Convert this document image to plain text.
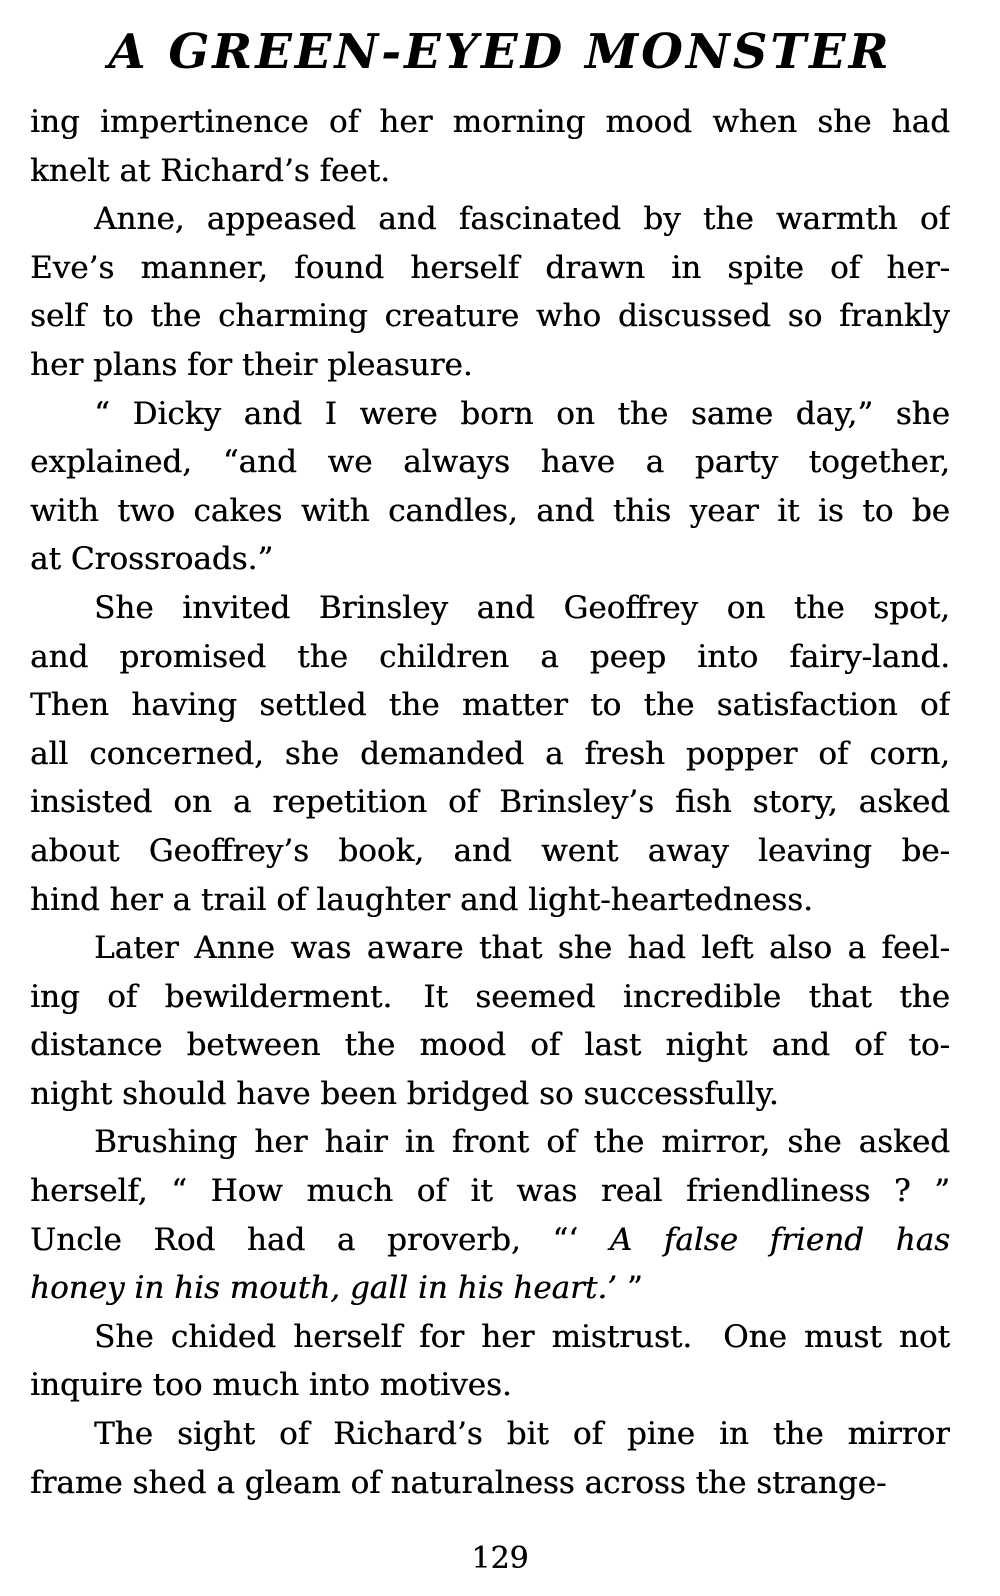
A GREEN-EYED MONSTER
ing impertinence of her morning mood when she had
knelt at Richard’s feet.
Anne, appeased and fascinated by the warmth of
Eve’s manner, found herself drawn in spite of her-
self to the charming creature who discussed so frankly
her plans for their pleasure.
“ Dicky and I were born on the same day,” she
explained, “and we always have a party together,
with two cakes with candles, and this year it is to be
at Crossroads.”
She invited Brinsley and Geoffrey on the spot,
and promised the children a peep into fairy-land.
Then having settled the matter to the satisfaction of
all concerned, she demanded a fresh popper of corn,
insisted on a repetition of Brinsley’s fish story, asked
about Geoffrey’s book, and went away leaving be-
hind her a trail of laughter and light-heartedness.
Later Anne was aware that she had left also a feel-
ing of bewilderment. It seemed incredible that the
distance between the mood of last night and of to-
night should have been bridged so successfully.
Brushing her hair in front of the mirror, she asked
herself, “ How much of it was real friendliness ? ”
Uncle Rod had a proverb, “‘ A false friend has
honey in his mouth, gall in his heart.’ ”
She chided herself for her mistrust. One must not
inquire too much into motives.
The sight of Richard’s bit of pine in the mirror
frame shed a gleam of naturalness across the strange-
129
